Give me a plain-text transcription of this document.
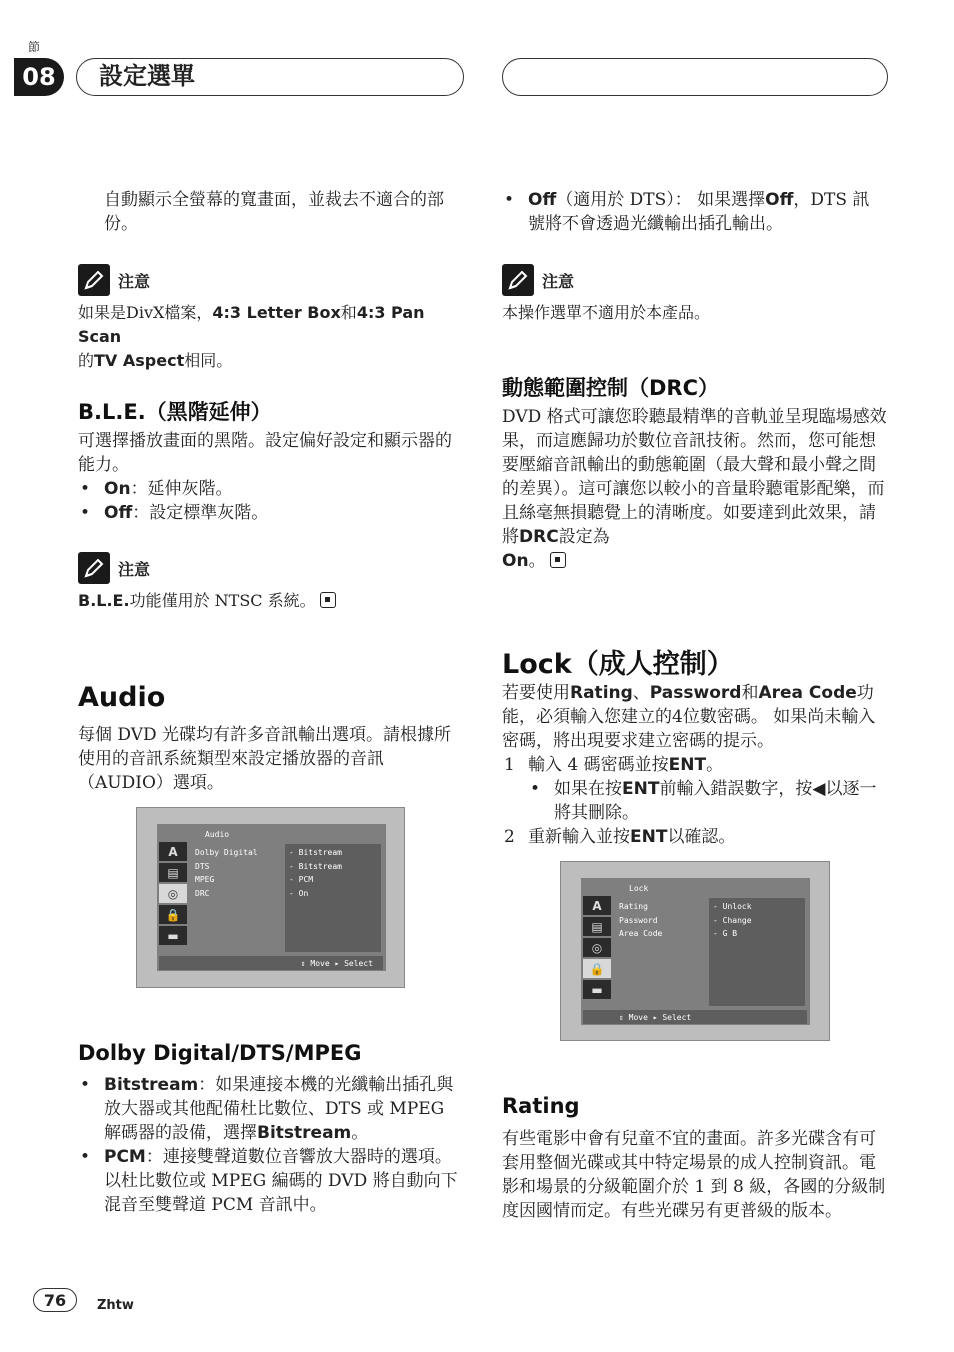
節
08	設定選單
自動顯示全螢幕的寬畫面，並裁去不適合的部份。
注意
如果是DivX檔案，4:3 Letter Box和4:3 Pan Scan
的TV Aspect相同。
B.L.E.（黑階延伸）
可選擇播放畫面的黑階。設定偏好設定和顯示器的能力。
• On：延伸灰階。
• Off：設定標準灰階。
注意
B.L.E.功能僅用於 NTSC 系統。
Audio
每個 DVD 光碟均有許多音訊輸出選項。請根據所使用的音訊系統類型來設定播放器的音訊（AUDIO）選項。
Audio
A
▤
◎
🔒
▬
Dolby Digital
DTS
MPEG
DRC
- Bitstream
- Bitstream
- PCM
- On
⇕ Move ▸ Select
Dolby Digital/DTS/MPEG
• Bitstream：如果連接本機的光纖輸出插孔與放大器或其他配備杜比數位、DTS 或 MPEG 解碼器的設備，選擇Bitstream。
• PCM：連接雙聲道數位音響放大器時的選項。以杜比數位或 MPEG 編碼的 DVD 將自動向下混音至雙聲道 PCM 音訊中。
• Off（適用於 DTS）： 如果選擇Off，DTS 訊號將不會透過光纖輸出插孔輸出。
注意
本操作選單不適用於本產品。
動態範圍控制（DRC）
DVD 格式可讓您聆聽最精準的音軌並呈現臨場感效果，而這應歸功於數位音訊技術。然而，您可能想要壓縮音訊輸出的動態範圍（最大聲和最小聲之間的差異）。這可讓您以較小的音量聆聽電影配樂，而且絲毫無損聽覺上的清晰度。如要達到此效果，請將DRC設定為
On。
Lock（成人控制）
若要使用Rating、Password和Area Code功能，必須輸入您建立的4位數密碼。 如果尚未輸入密碼，將出現要求建立密碼的提示。
1 輸入 4 碼密碼並按ENT。
• 如果在按ENT前輸入錯誤數字，按◀以逐一將其刪除。
2 重新輸入並按ENT以確認。
Lock
A
▤
◎
🔒
▬
Rating
Password
Area Code
- Unlock
- Change
- G B
⇕ Move ▸ Select
Rating
有些電影中會有兒童不宜的畫面。許多光碟含有可套用整個光碟或其中特定場景的成人控制資訊。電影和場景的分級範圍介於 1 到 8 級，各國的分級制度因國情而定。有些光碟另有更普級的版本。
76	Zhtw
